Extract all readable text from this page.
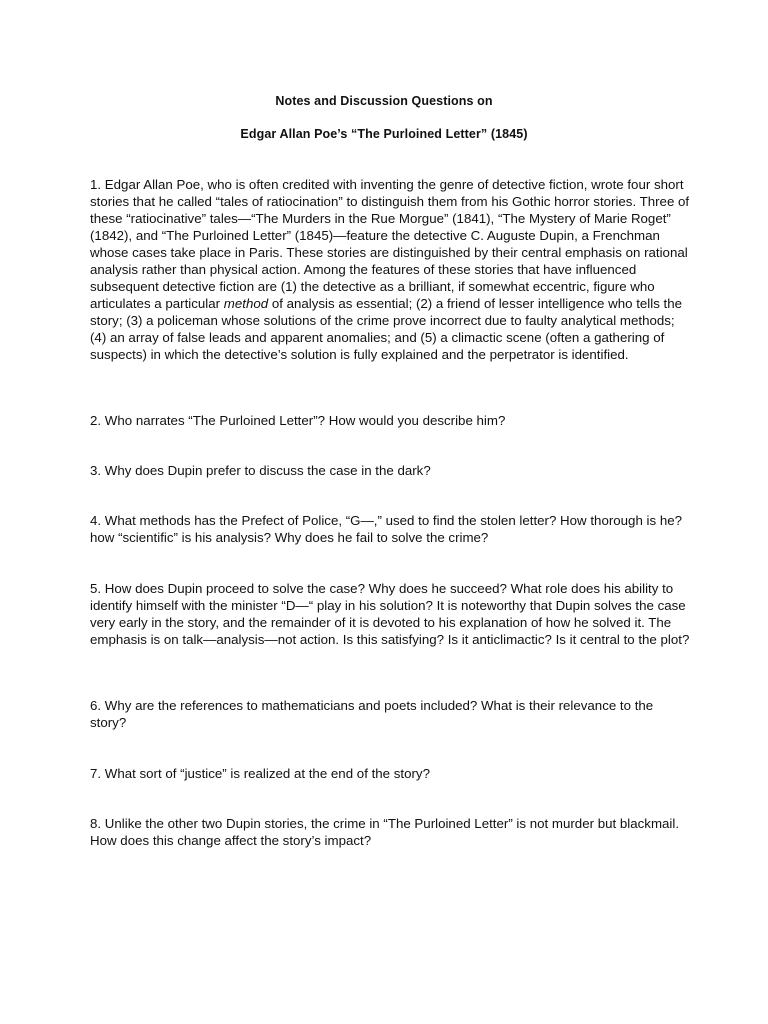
Notes and Discussion Questions on
Edgar Allan Poe’s “The Purloined Letter” (1845)

1. Edgar Allan Poe, who is often credited with inventing the genre of detective fiction, wrote four short stories that he called “tales of ratiocination” to distinguish them from his Gothic horror stories. Three of these “ratiocinative” tales—“The Murders in the Rue Morgue” (1841), “The Mystery of Marie Roget” (1842), and “The Purloined Letter” (1845)—feature the detective C. Auguste Dupin, a Frenchman whose cases take place in Paris. These stories are distinguished by their central emphasis on rational analysis rather than physical action. Among the features of these stories that have influenced subsequent detective fiction are (1) the detective as a brilliant, if somewhat eccentric, figure who articulates a particular method of analysis as essential; (2) a friend of lesser intelligence who tells the story; (3) a policeman whose solutions of the crime prove incorrect due to faulty analytical methods; (4) an array of false leads and apparent anomalies; and (5) a climactic scene (often a gathering of suspects) in which the detective’s solution is fully explained and the perpetrator is identified.

2. Who narrates “The Purloined Letter”? How would you describe him?

3. Why does Dupin prefer to discuss the case in the dark?

4. What methods has the Prefect of Police, “G—,” used to find the stolen letter? How thorough is he? how “scientific” is his analysis? Why does he fail to solve the crime?

5. How does Dupin proceed to solve the case? Why does he succeed? What role does his ability to identify himself with the minister “D—“ play in his solution? It is noteworthy that Dupin solves the case very early in the story, and the remainder of it is devoted to his explanation of how he solved it. The emphasis is on talk—analysis—not action. Is this satisfying? Is it anticlimactic? Is it central to the plot?

6. Why are the references to mathematicians and poets included? What is their relevance to the story?

7. What sort of “justice” is realized at the end of the story?

8. Unlike the other two Dupin stories, the crime in “The Purloined Letter” is not murder but blackmail. How does this change affect the story’s impact?
